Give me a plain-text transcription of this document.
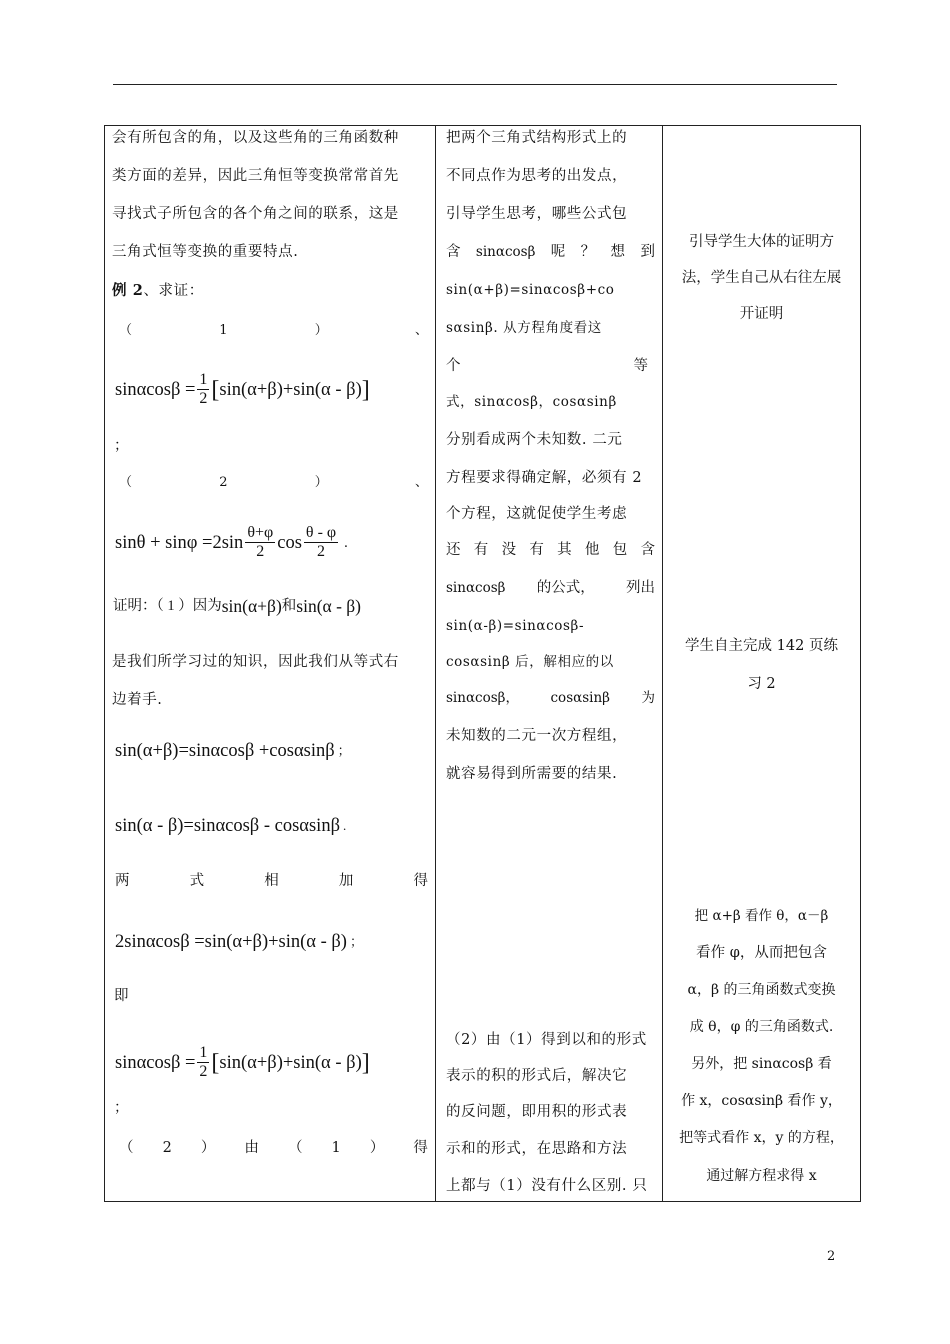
会有所包含的角，以及这些角的三角函数种
类方面的差异，因此三角恒等变换常常首先
寻找式子所包含的各个角之间的联系，这是
三角式恒等变换的重要特点.
例 2、求证：
（	1	）	、
$\sin\alpha\cos\beta = \frac{1}{2}$ [ sin(α+β)+sin(α - β) ]
；
（	2	）	、
$\sin\theta + \sin\varphi =2\sin \frac{\theta+\varphi}{2}$ $\cos \frac{\theta - \varphi}{2}$ .
证明：（ 1 ）因为 sin(α+β) 和 sin(α - β)
是我们所学习过的知识，因此我们从等式右
边着手.
sin(α+β)=sinαcosβ +cosαsinβ ；
sin(α - β)=sinαcosβ - cosαsinβ .
两	式	相	加	得
2sinαcosβ =sin(α+β)+sin(α - β) ；
即
$\sin\alpha\cos\beta = \frac{1}{2}$ [ sin(α+β)+sin(α - β) ]
；
（ 2 ） 由 （ 1 ） 得

把两个三角式结构形式上的
不同点作为思考的出发点，
引导学生思考，哪些公式包
含 sinαcosβ 呢 ？ 想 到
sin(α+β)=sinαcosβ+co
sαsinβ. 从方程角度看这
个	等
式，sinαcosβ，cosαsinβ
分别看成两个未知数. 二元
方程要求得确定解，必须有 2
个方程，这就促使学生考虑
还 有 没 有 其 他 包 含
sinαcosβ 的公式， 列出
sin(α-β)=sinαcosβ-
cosαsinβ 后，解相应的以
sinαcosβ， cosαsinβ 为
未知数的二元一次方程组，
就容易得到所需要的结果.
（2）由（1）得到以和的形式
表示的积的形式后，解决它
的反问题，即用积的形式表
示和的形式，在思路和方法
上都与（1）没有什么区别. 只

引导学生大体的证明方
法，学生自己从右往左展
开证明
学生自主完成 142 页练
习 2
把 α+β 看作 θ，α－β
看作 φ，从而把包含
α，β 的三角函数式变换
成 θ，φ 的三角函数式.
另外，把 sinαcosβ 看
作 x，cosαsinβ 看作 y，
把等式看作 x，y 的方程，
通过解方程求得 x
2
